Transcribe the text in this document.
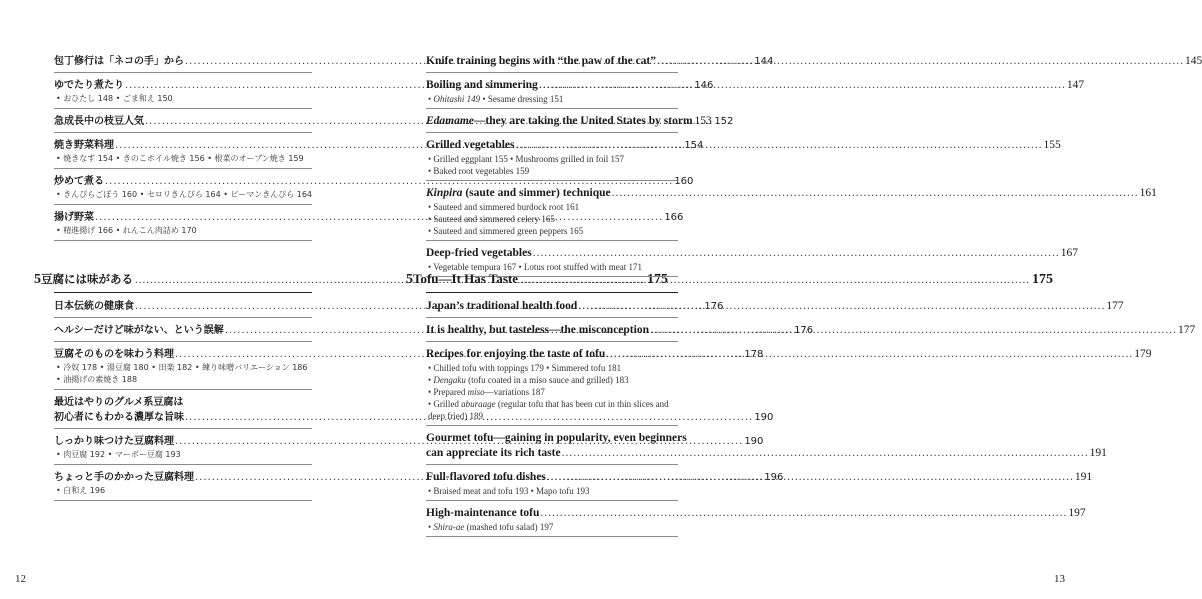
包丁修行は「ネコの手」から .....	144
ゆでたり煮たり .....	146
• おひたし 148 • ごま和え 150
急成長中の枝豆人気 .....	152
焼き野菜料理 .....	154
• 焼きなす 154 • きのこホイル焼き 156 • 根菜のオーブン焼き 159
炒めて煮る .....	160
• きんぴらごぼう 160 • セロリきんぴら 164 • ピーマンきんぴら 164
揚げ野菜 .....	166
• 精進揚げ 166 • れんこん肉詰め 170
5 豆腐には味がある .....	175
日本伝統の健康食 .....	176
ヘルシーだけど味がない、という誤解 .....	176
豆腐そのものを味わう料理 .....	178
• 冷奴 178 • 湯豆腐 180 • 田楽 182 • 練り味噌バリエーション 186
• 油揚げの素焼き 188
最近はやりのグルメ系豆腐は
初心者にもわかる濃厚な旨味 .....	190
しっかり味つけた豆腐料理 .....	190
• 肉豆腐 192 • マーボー豆腐 193
ちょっと手のかかった豆腐料理 .....	196
• 白和え 196
12
Knife training begins with “the paw of the cat” .....	145
Boiling and simmering .....	147
• Ohitashi 149 • Sesame dressing 151
Edamame—they are taking the United States by storm 153
Grilled vegetables .....	155
• Grilled eggplant 155 • Mushrooms grilled in foil 157
• Baked root vegetables 159
Kinpira (saute and simmer) technique .....	161
• Sauteed and simmered burdock root 161
• Sauteed and simmered celery 165
• Sauteed and simmered green peppers 165
Deep-fried vegetables .....	167
• Vegetable tempura 167 • Lotus root stuffed with meat 171
5 Tofu—It Has Taste .....	175
Japan’s traditional health food .....	177
It is healthy, but tasteless—the misconception .....	177
Recipes for enjoying the taste of tofu .....	179
• Chilled tofu with toppings 179 • Simmered tofu 181
• Dengaku (tofu coated in a miso sauce and grilled) 183
• Prepared miso—variations 187
• Grilled aburaage (regular tofu that has been cut in thin slices and deep fried) 189
Gourmet tofu—gaining in popularity, even beginners
can appreciate its rich taste .....	191
Full-flavored tofu dishes .....	191
• Braised meat and tofu 193 • Mapo tofu 193
High-maintenance tofu .....	197
• Shira-ae (mashed tofu salad) 197
13
